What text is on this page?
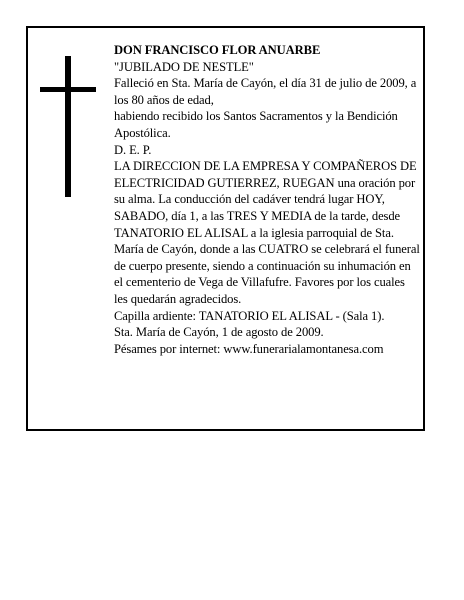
DON FRANCISCO FLOR ANUARBE

"JUBILADO DE NESTLE"

Falleció en Sta. María de Cayón, el día 31 de julio de 2009, a los 80 años de edad,

habiendo recibido los Santos Sacramentos y la Bendición Apostólica.

D. E. P.

LA DIRECCION DE LA EMPRESA Y COMPAÑEROS DE ELECTRICIDAD GUTIERREZ, RUEGAN una oración por su alma. La conducción del cadáver tendrá lugar HOY, SABADO, día 1, a las TRES Y MEDIA de la tarde, desde TANATORIO EL ALISAL a la iglesia parroquial de Sta. María de Cayón, donde a las CUATRO se celebrará el funeral de cuerpo presente, siendo a continuación su inhumación en el cementerio de Vega de Villafufre. Favores por los cuales les quedarán agradecidos.

Capilla ardiente: TANATORIO EL ALISAL - (Sala 1).

Sta. María de Cayón, 1 de agosto de 2009.

Pésames por internet: www.funerarialamontanesa.com
